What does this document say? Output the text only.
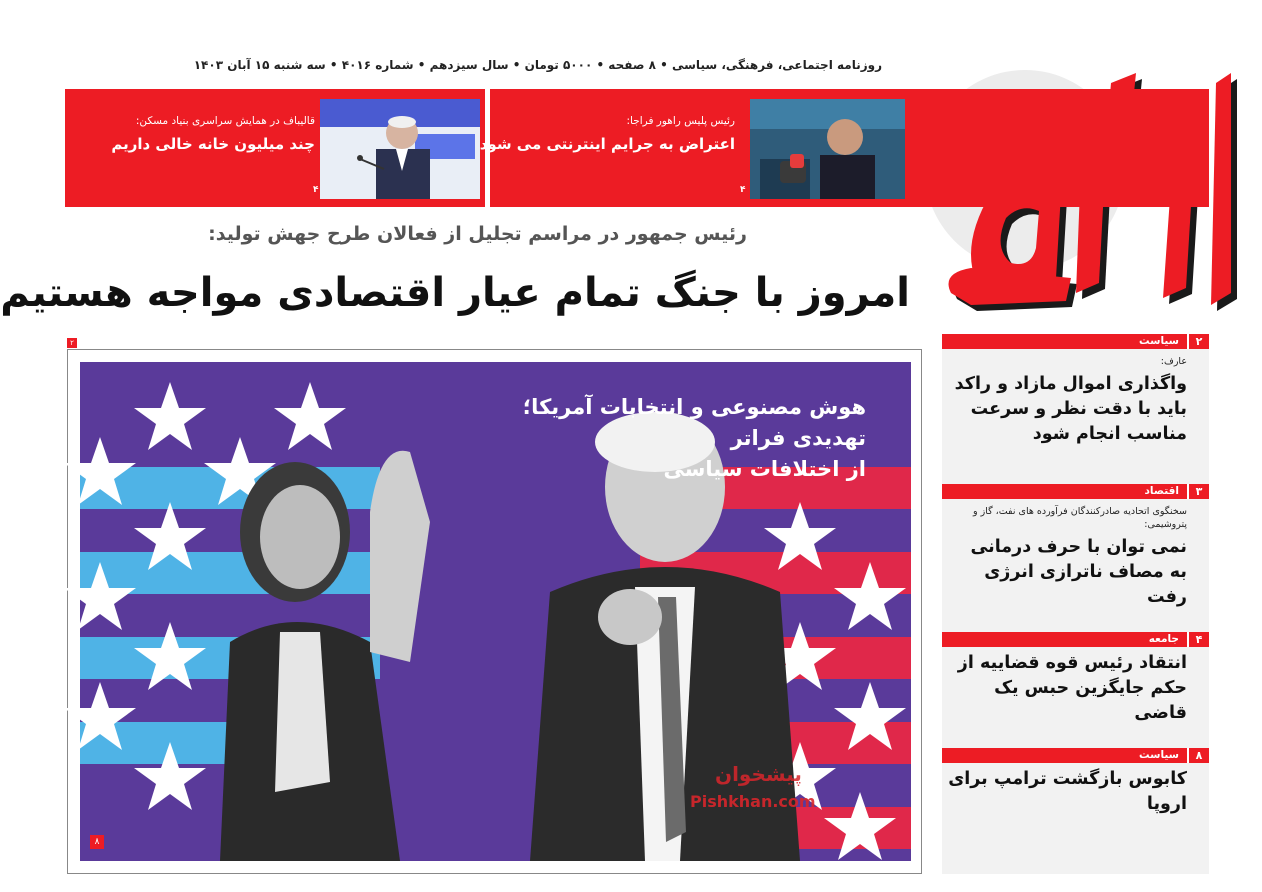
روزنامه اجتماعی، فرهنگی، سیاسی • ۸ صفحه • ۵۰۰۰ تومان • سال سیزدهم • شماره ۴۰۱۶ • سه شنبه ۱۵ آبان ۱۴۰۳
رئیس پلیس راهور فراجا:
اعتراض به جرایم اینترنتی می شود
۴
قالیباف در همایش سراسری بنیاد مسکن:
چند میلیون خانه خالی داریم
۴
رئیس جمهور در مراسم تجلیل از فعالان طرح جهش تولید:
امروز با جنگ تمام عیار اقتصادی مواجه هستیم
۲
هوش مصنوعی و انتخابات آمریکا؛ تهدیدی فراتر
از اختلافات سیاسی
پیشخوان
Pishkhan.com
۸
۲
سیاست
عارف:
واگذاری اموال مازاد و راکد باید با دقت نظر و سرعت مناسب انجام شود
۳
اقتصاد
سخنگوی اتحادیه صادرکنندگان فرآورده های نفت، گاز و پتروشیمی:
نمی توان با حرف درمانی به مصاف ناترازی انرژی رفت
۴
جامعه
انتقاد رئیس قوه قضاییه از حکم جایگزین حبس یک قاضی
۸
سیاست
کابوس بازگشت ترامپ برای اروپا
